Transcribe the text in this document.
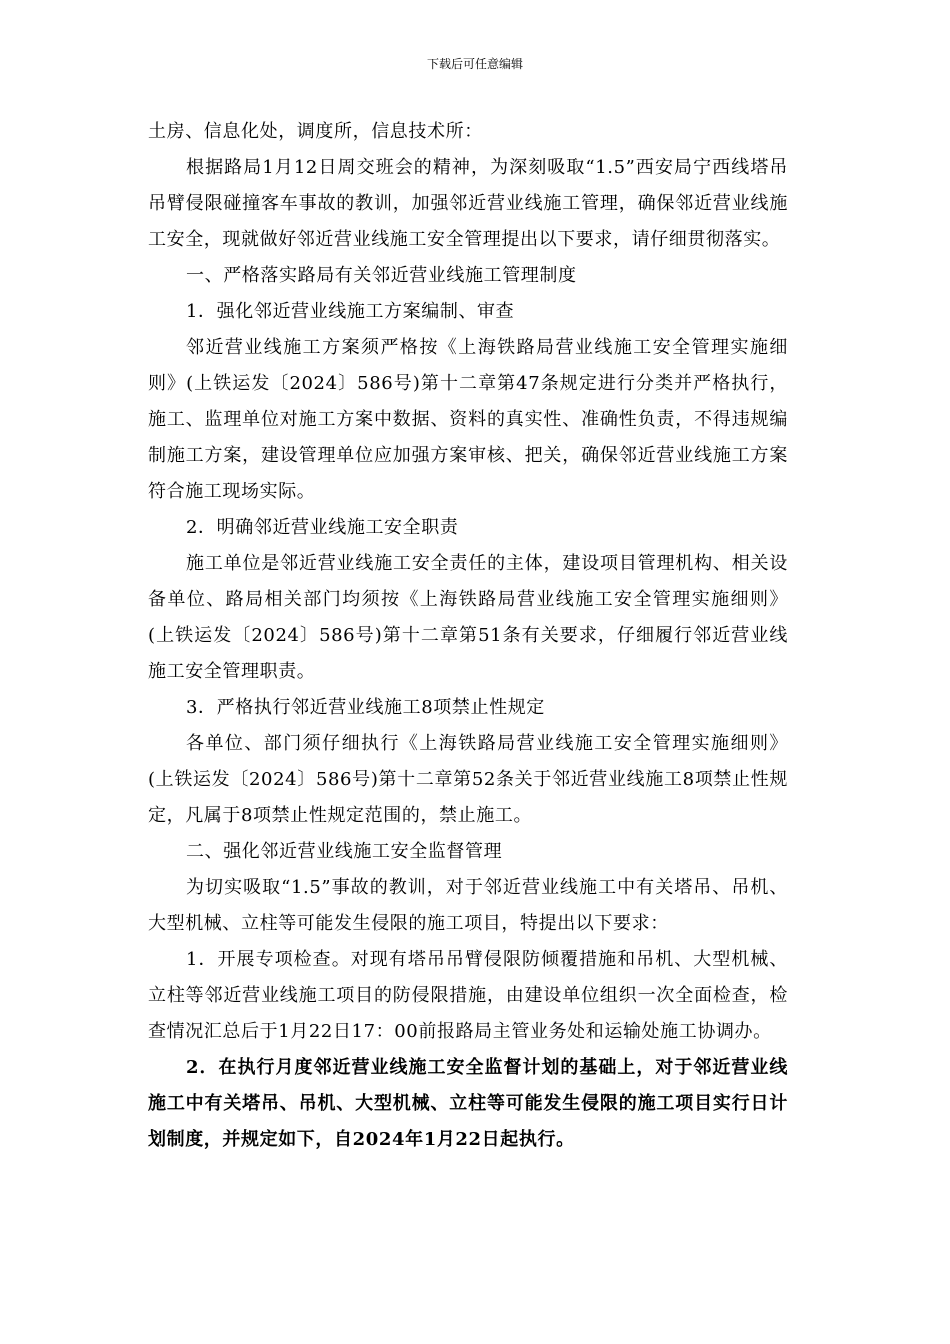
下载后可任意编辑

土房、信息化处，调度所，信息技术所：

根据路局1月12日周交班会的精神，为深刻吸取“1.5”西安局宁西线塔吊吊臂侵限碰撞客车事故的教训，加强邻近营业线施工管理，确保邻近营业线施工安全，现就做好邻近营业线施工安全管理提出以下要求，请仔细贯彻落实。

一、严格落实路局有关邻近营业线施工管理制度

1．强化邻近营业线施工方案编制、审查

邻近营业线施工方案须严格按《上海铁路局营业线施工安全管理实施细则》(上铁运发〔2024〕586号)第十二章第47条规定进行分类并严格执行，施工、监理单位对施工方案中数据、资料的真实性、准确性负责，不得违规编制施工方案，建设管理单位应加强方案审核、把关，确保邻近营业线施工方案符合施工现场实际。

2．明确邻近营业线施工安全职责

施工单位是邻近营业线施工安全责任的主体，建设项目管理机构、相关设备单位、路局相关部门均须按《上海铁路局营业线施工安全管理实施细则》(上铁运发〔2024〕586号)第十二章第51条有关要求，仔细履行邻近营业线施工安全管理职责。

3．严格执行邻近营业线施工8项禁止性规定

各单位、部门须仔细执行《上海铁路局营业线施工安全管理实施细则》(上铁运发〔2024〕586号)第十二章第52条关于邻近营业线施工8项禁止性规定，凡属于8项禁止性规定范围的，禁止施工。

二、强化邻近营业线施工安全监督管理

为切实吸取“1.5”事故的教训，对于邻近营业线施工中有关塔吊、吊机、大型机械、立柱等可能发生侵限的施工项目，特提出以下要求：

1．开展专项检查。对现有塔吊吊臂侵限防倾覆措施和吊机、大型机械、立柱等邻近营业线施工项目的防侵限措施，由建设单位组织一次全面检查，检查情况汇总后于1月22日17：00前报路局主管业务处和运输处施工协调办。

2．在执行月度邻近营业线施工安全监督计划的基础上，对于邻近营业线施工中有关塔吊、吊机、大型机械、立柱等可能发生侵限的施工项目实行日计划制度，并规定如下，自2024年1月22日起执行。
